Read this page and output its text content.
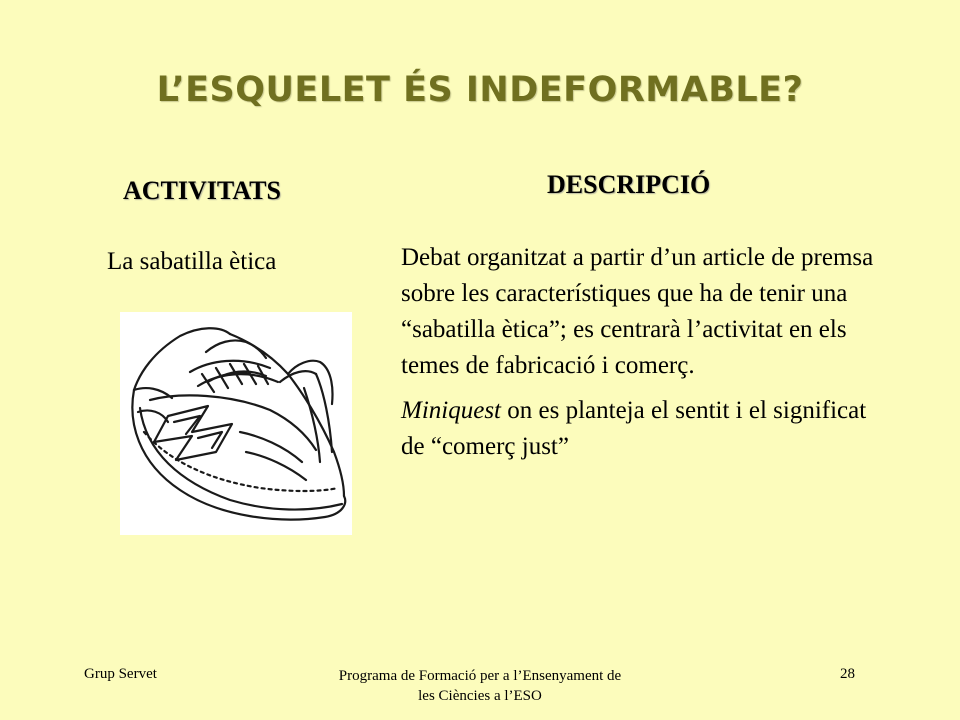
L’ESQUELET ÉS INDEFORMABLE?
ACTIVITATS	DESCRIPCIÓ
La sabatilla ètica	Debat organitzat a partir d’un article de premsa sobre les característiques que ha de tenir una “sabatilla ètica”; es centrarà l’activitat en els temes de fabricació i comerç.

Miniquest on es planteja el sentit i el significat de “comerç just”

Grup Servet	Programa de Formació per a l’Ensenyament de les Ciències a l’ESO
28
